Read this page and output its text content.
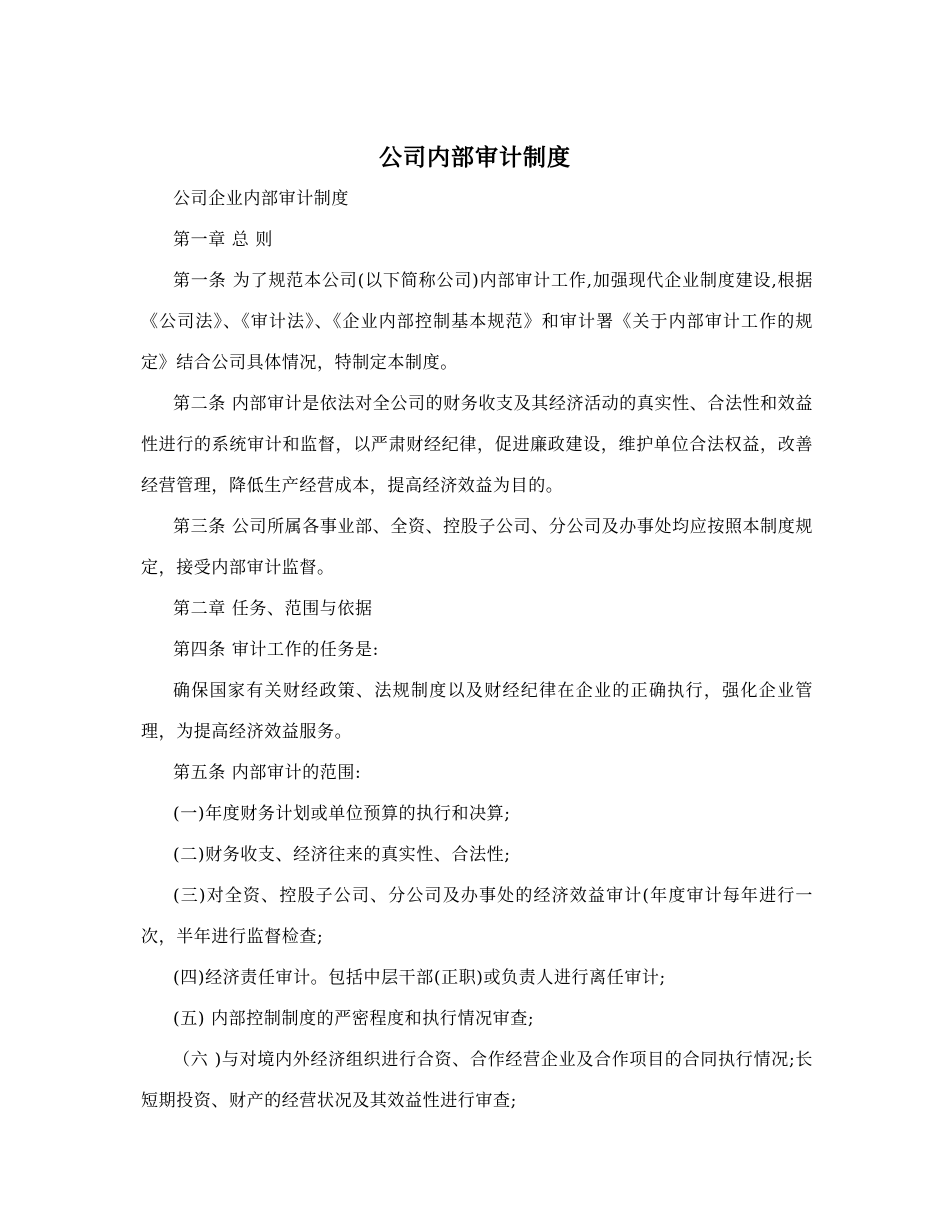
公司内部审计制度

公司企业内部审计制度

第一章 总 则

第一条 为了规范本公司(以下简称公司)内部审计工作,加强现代企业制度建设,根据《公司法》、《审计法》、《企业内部控制基本规范》和审计署《关于内部审计工作的规定》结合公司具体情况，特制定本制度。

第二条 内部审计是依法对全公司的财务收支及其经济活动的真实性、合法性和效益性进行的系统审计和监督，以严肃财经纪律，促进廉政建设，维护单位合法权益，改善经营管理，降低生产经营成本，提高经济效益为目的。

第三条 公司所属各事业部、全资、控股子公司、分公司及办事处均应按照本制度规定，接受内部审计监督。

第二章 任务、范围与依据

第四条 审计工作的任务是:

确保国家有关财经政策、法规制度以及财经纪律在企业的正确执行，强化企业管理，为提高经济效益服务。

第五条 内部审计的范围:

(一)年度财务计划或单位预算的执行和决算;

(二)财务收支、经济往来的真实性、合法性;

(三)对全资、控股子公司、分公司及办事处的经济效益审计(年度审计每年进行一次，半年进行监督检查;

(四)经济责任审计。包括中层干部(正职)或负责人进行离任审计;

(五) 内部控制制度的严密程度和执行情况审查;

（六 )与对境内外经济组织进行合资、合作经营企业及合作项目的合同执行情况;长短期投资、财产的经营状况及其效益性进行审查;
